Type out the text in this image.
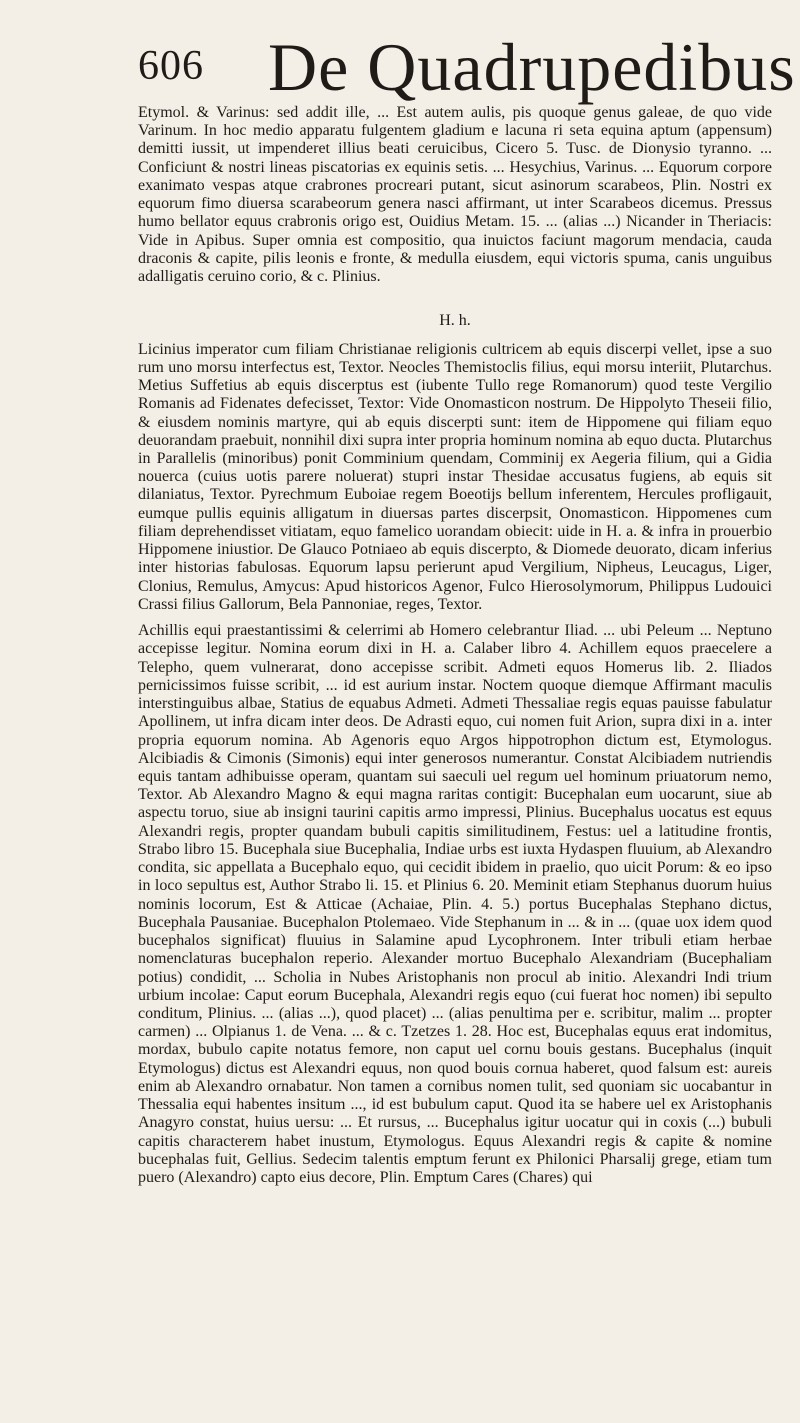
606 De Quadrupedibus

Etymol. & Varinus: sed addit ille, ... Est autem aulis, pis quoque genus galeae, de quo vide Varinum. In hoc medio apparatu fulgentem gladium e lacuna ri seta equina aptum (appensum) demitti iussit, ut impenderet illius beati ceruicibus, Cicero 5. Tusc. de Dionysio tyranno. ... Conficiunt & nostri lineas piscatorias ex equinis setis. ... Hesychius, Varinus. ... Equorum corpore exanimato vespas atque crabrones procreari putant, sicut asinorum scarabeos, Plin. Nostri ex equorum fimo diuersa scarabeorum genera nasci affirmant, ut inter Scarabeos dicemus. Pressus humo bellator equus crabronis origo est, Ouidius Metam. 15. ... (alias ...) Nicander in Theriacis: Vide in Apibus. Super omnia est compositio, qua inuictos faciunt magorum mendacia, cauda draconis & capite, pilis leonis e fronte, & medulla eiusdem, equi victoris spuma, canis unguibus adalligatis ceruino corio, & c. Plinius.

H. h.

Licinius imperator cum filiam Christianae religionis cultricem ab equis discerpi vellet, ipse a suo rum uno morsu interfectus est, Textor. Neocles Themistoclis filius, equi morsu interiit, Plutarchus. Metius Suffetius ab equis discerptus est (iubente Tullo rege Romanorum) quod teste Vergilio Romanis ad Fidenates defecisset, Textor: Vide Onomasticon nostrum. De Hippolyto Theseii filio, & eiusdem nominis martyre, qui ab equis discerpti sunt: item de Hippomene qui filiam equo deuorandam praebuit, nonnihil dixi supra inter propria hominum nomina ab equo ducta. Plutarchus in Parallelis (minoribus) ponit Comminium quendam, Comminij ex Aegeria filium, qui a Gidia nouerca (cuius uotis parere noluerat) stupri instar Thesidae accusatus fugiens, ab equis sit dilaniatus, Textor. Pyrechmum Euboiae regem Boeotijs bellum inferentem, Hercules profligauit, eumque pullis equinis alligatum in diuersas partes discerpsit, Onomasticon. Hippomenes cum filiam deprehendisset vitiatam, equo famelico uorandam obiecit: uide in H. a. & infra in prouerbio Hippomene iniustior. De Glauco Potniaeo ab equis discerpto, & Diomede deuorato, dicam inferius inter historias fabulosas. Equorum lapsu perierunt apud Vergilium, Nipheus, Leucagus, Liger, Clonius, Remulus, Amycus: Apud historicos Agenor, Fulco Hierosolymorum, Philippus Ludouici Crassi filius Gallorum, Bela Pannoniae, reges, Textor.

Achillis equi praestantissimi & celerrimi ab Homero celebrantur Iliad. ... ubi Peleum ... Neptuno accepisse legitur. Nomina eorum dixi in H. a. Calaber libro 4. Achillem equos praecelere a Telepho, quem vulnerarat, dono accepisse scribit. Admeti equos Homerus lib. 2. Iliados pernicissimos fuisse scribit, ... id est aurium instar. Noctem quoque diemque Affirmant maculis interstinguibus albae, Statius de equabus Admeti. Admeti Thessaliae regis equas pauisse fabulatur Apollinem, ut infra dicam inter deos. De Adrasti equo, cui nomen fuit Arion, supra dixi in a. inter propria equorum nomina. Ab Agenoris equo Argos hippotrophon dictum est, Etymologus. Alcibiadis & Cimonis (Simonis) equi inter generosos numerantur. Constat Alcibiadem nutriendis equis tantam adhibuisse operam, quantam sui saeculi uel regum uel hominum priuatorum nemo, Textor. Ab Alexandro Magno & equi magna raritas contigit: Bucephalan eum uocarunt, siue ab aspectu toruo, siue ab insigni taurini capitis armo impressi, Plinius. Bucephalus uocatus est equus Alexandri regis, propter quandam bubuli capitis similitudinem, Festus: uel a latitudine frontis, Strabo libro 15. Bucephala siue Bucephalia, Indiae urbs est iuxta Hydaspen fluuium, ab Alexandro condita, sic appellata a Bucephalo equo, qui cecidit ibidem in praelio, quo uicit Porum: & eo ipso in loco sepultus est, Author Strabo li. 15. et Plinius 6. 20. Meminit etiam Stephanus duorum huius nominis locorum, Est & Atticae (Achaiae, Plin. 4. 5.) portus Bucephalas Stephano dictus, Bucephala Pausaniae. Bucephalon Ptolemaeo. Vide Stephanum in ... & in ... (quae uox idem quod bucephalos significat) fluuius in Salamine apud Lycophronem. Inter tribuli etiam herbae nomenclaturas bucephalon reperio. Alexander mortuo Bucephalo Alexandriam (Bucephaliam potius) condidit, ... Scholia in Nubes Aristophanis non procul ab initio. Alexandri Indi trium urbium incolae: Caput eorum Bucephala, Alexandri regis equo (cui fuerat hoc nomen) ibi sepulto conditum, Plinius. ... (alias ...), quod placet) ... (alias penultima per e. scribitur, malim ... propter carmen) ... Olpianus 1. de Vena. ... & c. Tzetzes 1. 28. Hoc est, Bucephalas equus erat indomitus, mordax, bubulo capite notatus femore, non caput uel cornu bouis gestans. Bucephalus (inquit Etymologus) dictus est Alexandri equus, non quod bouis cornua haberet, quod falsum est: aureis enim ab Alexandro ornabatur. Non tamen a cornibus nomen tulit, sed quoniam sic uocabantur in Thessalia equi habentes insitum ..., id est bubulum caput. Quod ita se habere uel ex Aristophanis Anagyro constat, huius uersu: ... Et rursus, ... Bucephalus igitur uocatur qui in coxis (...) bubuli capitis characterem habet inustum, Etymologus. Equus Alexandri regis & capite & nomine bucephalas fuit, Gellius. Sedecim talentis emptum ferunt ex Philonici Pharsalij grege, etiam tum puero (Alexandro) capto eius decore, Plin. Emptum Cares (Chares) qui
